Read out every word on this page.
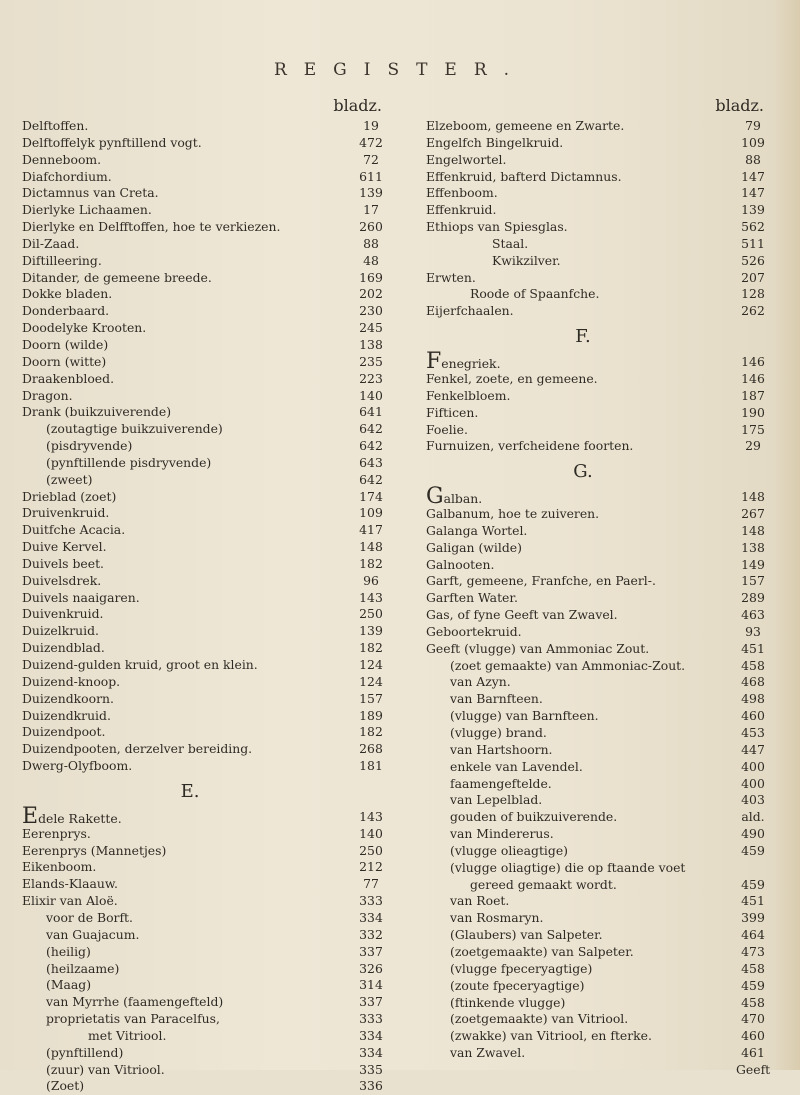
REGISTER.
bladz.
Delftoffen.	19
Delftoffelyk pynftillend vogt.	472
Denneboom.	72
Diafchordium.	611
Dictamnus van Creta.	139
Dierlyke Lichaamen.	17
Dierlyke en Delfftoffen, hoe te verkiezen.	260
Dil-Zaad.	88
Diftilleering.	48
Ditander, de gemeene breede.	169
Dokke bladen.	202
Donderbaard.	230
Doodelyke Krooten.	245
Doorn (wilde)	138
Doorn (witte)	235
Draakenbloed.	223
Dragon.	140
Drank (buikzuiverende)	641
(zoutagtige buikzuiverende)	642
(pisdryvende)	642
(pynftillende pisdryvende)	643
(zweet)	642
Drieblad (zoet)	174
Druivenkruid.	109
Duitfche Acacia.	417
Duive Kervel.	148
Duivels beet.	182
Duivelsdrek.	96
Duivels naaigaren.	143
Duivenkruid.	250
Duizelkruid.	139
Duizendblad.	182
Duizend-gulden kruid, groot en klein.	124
Duizend-knoop.	124
Duizendkoorn.	157
Duizendkruid.	189
Duizendpoot.	182
Duizendpooten, derzelver bereiding.	268
Dwerg-Olyfboom.	181
E.
Edele Rakette.	143
Eerenprys.	140
Eerenprys (Mannetjes)	250
Eikenboom.	212
Elands-Klaauw.	77
Elixir van Aloë.	333
voor de Borft.	334
van Guajacum.	332
(heilig)	337
(heilzaame)	326
(Maag)	314
van Myrrhe (faamengefteld)	337
proprietatis van Paracelfus,	333
met Vitriool.	334
(pynftillend)	334
(zuur) van Vitriool.	335
(Zoet)	336
bladz.
Elzeboom, gemeene en Zwarte.	79
Engelfch Bingelkruid.	109
Engelwortel.	88
Effenkruid, bafterd Dictamnus.	147
Effenboom.	147
Effenkruid.	139
Ethiops van Spiesglas.	562
Staal.	511
Kwikzilver.	526
Erwten.	207
Roode of Spaanfche.	128
Eijerfchaalen.	262
F.
Fenegriek.	146
Fenkel, zoete, en gemeene.	146
Fenkelbloem.	187
Fifticen.	190
Foelie.	175
Furnuizen, verfcheidene foorten.	29
G.
Galban.	148
Galbanum, hoe te zuiveren.	267
Galanga Wortel.	148
Galigan (wilde)	138
Galnooten.	149
Garft, gemeene, Franfche, en Paerl-.	157
Garften Water.	289
Gas, of fyne Geeft van Zwavel.	463
Geboortekruid.	93
Geeft (vlugge) van Ammoniac Zout.	451
(zoet gemaakte) van Ammoniac-Zout.	458
van Azyn.	468
van Barnfteen.	498
(vlugge) van Barnfteen.	460
(vlugge) brand.	453
van Hartshoorn.	447
enkele van Lavendel.	400
faamengeftelde.	400
van Lepelblad.	403
gouden of buikzuiverende.	ald.
van Mindererus.	490
(vlugge olieagtige)	459
(vlugge oliagtige) die op ftaande voet
gereed gemaakt wordt.	459
van Roet.	451
van Rosmaryn.	399
(Glaubers) van Salpeter.	464
(zoetgemaakte) van Salpeter.	473
(vlugge fpeceryagtige)	458
(zoute fpeceryagtige)	459
(ftinkende vlugge)	458
(zoetgemaakte) van Vitriool.	470
(zwakke) van Vitriool, en fterke.	460
van Zwavel.	461
Geeft
